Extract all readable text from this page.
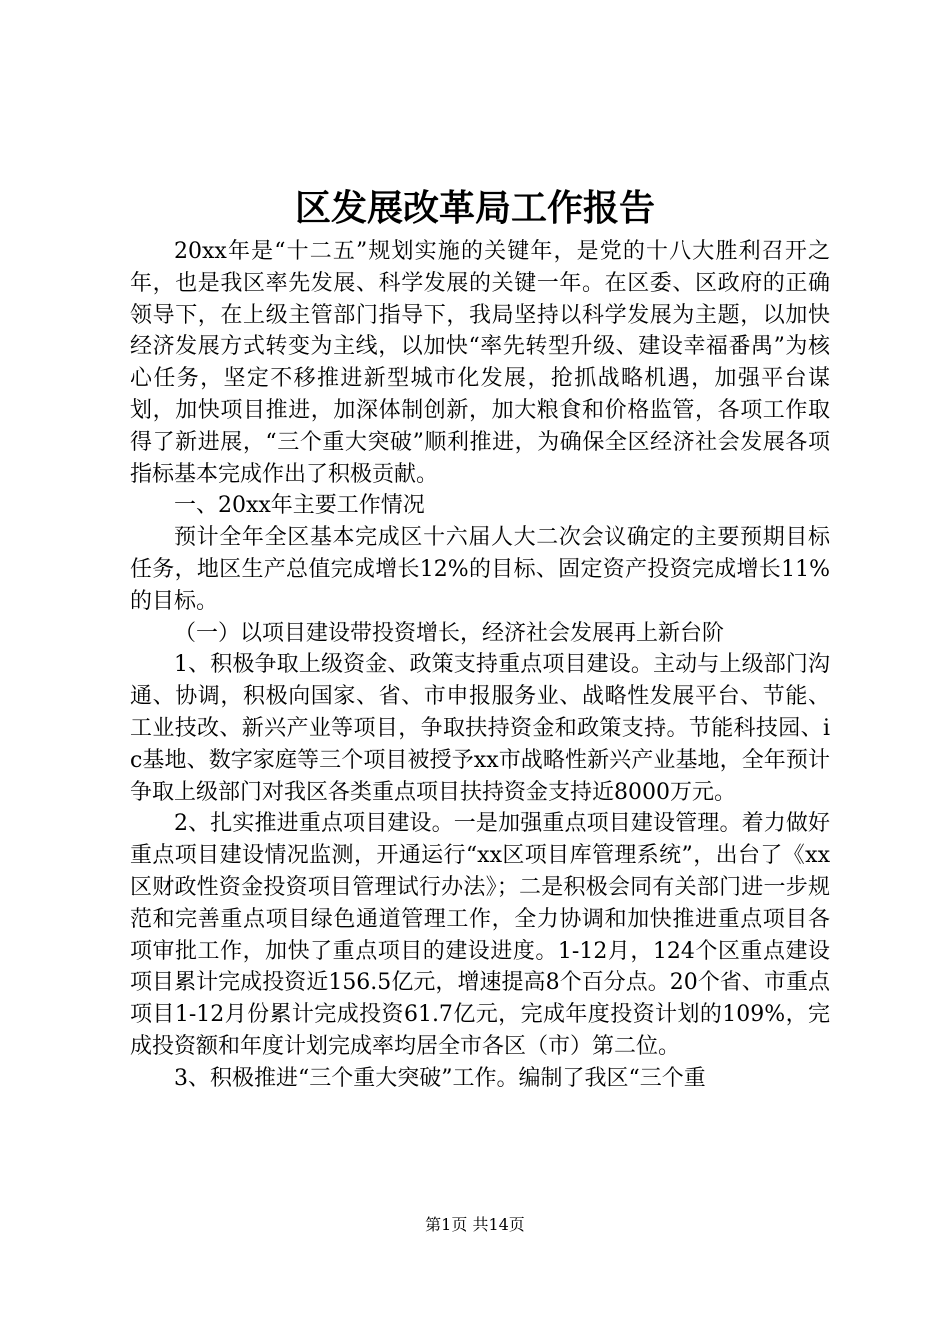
区发展改革局工作报告

20xx年是“十二五”规划实施的关键年，是党的十八大胜利召开之年，也是我区率先发展、科学发展的关键一年。在区委、区政府的正确领导下，在上级主管部门指导下，我局坚持以科学发展为主题，以加快经济发展方式转变为主线，以加快“率先转型升级、建设幸福番禺”为核心任务，坚定不移推进新型城市化发展，抢抓战略机遇，加强平台谋划，加快项目推进，加深体制创新，加大粮食和价格监管，各项工作取得了新进展，“三个重大突破”顺利推进，为确保全区经济社会发展各项指标基本完成作出了积极贡献。

一、20xx年主要工作情况

预计全年全区基本完成区十六届人大二次会议确定的主要预期目标任务，地区生产总值完成增长12%的目标、固定资产投资完成增长11%的目标。

（一）以项目建设带投资增长，经济社会发展再上新台阶

1、积极争取上级资金、政策支持重点项目建设。主动与上级部门沟通、协调，积极向国家、省、市申报服务业、战略性发展平台、节能、工业技改、新兴产业等项目，争取扶持资金和政策支持。节能科技园、ic基地、数字家庭等三个项目被授予xx市战略性新兴产业基地，全年预计争取上级部门对我区各类重点项目扶持资金支持近8000万元。

2、扎实推进重点项目建设。一是加强重点项目建设管理。着力做好重点项目建设情况监测，开通运行“xx区项目库管理系统”，出台了《xx区财政性资金投资项目管理试行办法》；二是积极会同有关部门进一步规范和完善重点项目绿色通道管理工作，全力协调和加快推进重点项目各项审批工作，加快了重点项目的建设进度。1-12月，124个区重点建设项目累计完成投资近156.5亿元，增速提高8个百分点。20个省、市重点项目1-12月份累计完成投资61.7亿元，完成年度投资计划的109%，完成投资额和年度计划完成率均居全市各区（市）第二位。

3、积极推进“三个重大突破”工作。编制了我区“三个重

第1页 共14页
